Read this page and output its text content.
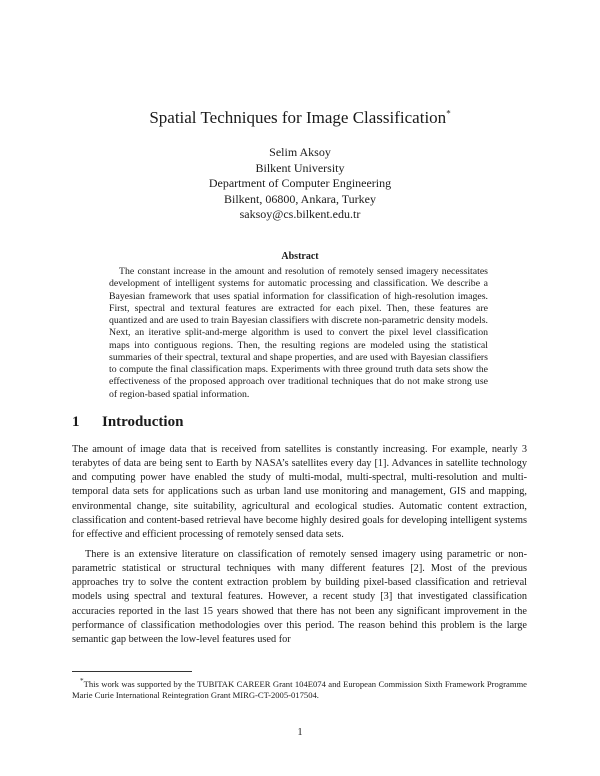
Spatial Techniques for Image Classification*
Selim Aksoy
Bilkent University
Department of Computer Engineering
Bilkent, 06800, Ankara, Turkey
saksoy@cs.bilkent.edu.tr
Abstract

The constant increase in the amount and resolution of remotely sensed imagery necessitates development of intelligent systems for automatic processing and classification. We describe a Bayesian framework that uses spatial information for classification of high-resolution images. First, spectral and textural features are extracted for each pixel. Then, these features are quantized and are used to train Bayesian classifiers with discrete non-parametric density models. Next, an iterative split-and-merge algorithm is used to convert the pixel level classification maps into contiguous regions. Then, the resulting regions are modeled using the statistical summaries of their spectral, textural and shape properties, and are used with Bayesian classifiers to compute the final classification maps. Experiments with three ground truth data sets show the effectiveness of the proposed approach over traditional techniques that do not make strong use of region-based spatial information.

1 Introduction

The amount of image data that is received from satellites is constantly increasing. For example, nearly 3 terabytes of data are being sent to Earth by NASA’s satellites every day [1]. Advances in satellite technology and computing power have enabled the study of multi-modal, multi-spectral, multi-resolution and multi-temporal data sets for applications such as urban land use monitoring and management, GIS and mapping, environmental change, site suitability, agricultural and ecological studies. Automatic content extraction, classification and content-based retrieval have become highly desired goals for developing intelligent systems for effective and efficient processing of remotely sensed data sets.

There is an extensive literature on classification of remotely sensed imagery using parametric or non-parametric statistical or structural techniques with many different features [2]. Most of the previous approaches try to solve the content extraction problem by building pixel-based classification and retrieval models using spectral and textural features. However, a recent study [3] that investigated classification accuracies reported in the last 15 years showed that there has not been any significant improvement in the performance of classification methodologies over this period. The reason behind this problem is the large semantic gap between the low-level features used for

*This work was supported by the TUBITAK CAREER Grant 104E074 and European Commission Sixth Framework Programme Marie Curie International Reintegration Grant MIRG-CT-2005-017504.

1
